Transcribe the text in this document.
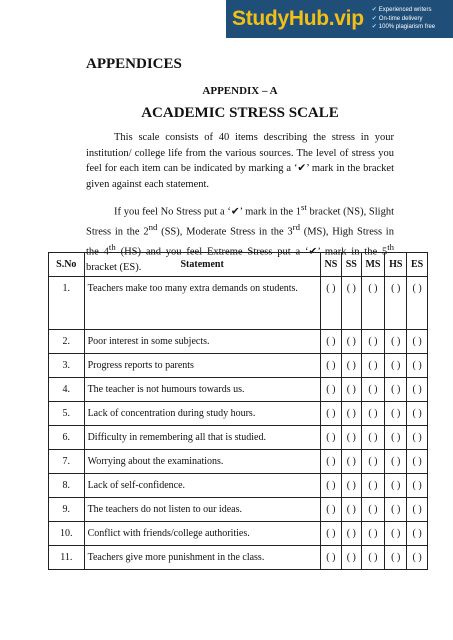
StudyHub.vip ✔ Experienced writers
✔ On-time delivery
✔ 100% plagiarism free
APPENDICES
APPENDIX – A
ACADEMIC STRESS SCALE

This scale consists of 40 items describing the stress in your institution/ college life from the various sources. The level of stress you feel for each item can be indicated by marking a ‘✔’ mark in the bracket given against each statement.

If you feel No Stress put a ‘✔’ mark in the 1st bracket (NS), Slight Stress in the 2nd (SS), Moderate Stress in the 3rd (MS), High Stress in the 4th (HS) and you feel Extreme Stress put a ‘✔’ mark in the 5th bracket (ES).

S.No	Statement	NS	SS	MS	HS	ES
1.	Teachers make too many extra demands on students.	( )	( )	( )	( )	( )
2.	Poor interest in some subjects.	( )	( )	( )	( )	( )
3.	Progress reports to parents	( )	( )	( )	( )	( )
4.	The teacher is not humours towards us.	( )	( )	( )	( )	( )
5.	Lack of concentration during study hours.	( )	( )	( )	( )	( )
6.	Difficulty in remembering all that is studied.	( )	( )	( )	( )	( )
7.	Worrying about the examinations.	( )	( )	( )	( )	( )
8.	Lack of self-confidence.	( )	( )	( )	( )	( )
9.	The teachers do not listen to our ideas.	( )	( )	( )	( )	( )
10.	Conflict with friends/college authorities.	( )	( )	( )	( )	( )
11.	Teachers give more punishment in the class.	( )	( )	( )	( )	( )
